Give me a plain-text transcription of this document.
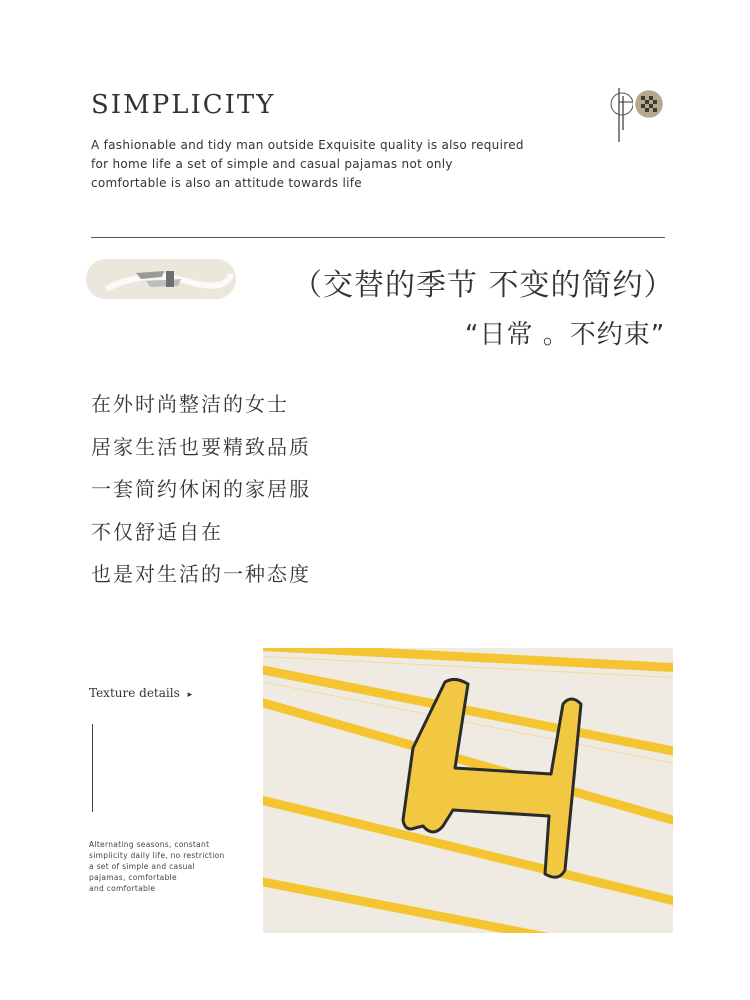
SIMPLICITY
A fashionable and tidy man outside Exquisite quality is also required
for home life a set of simple and casual pajamas not only
comfortable is also an attitude towards life
（交替的季节 不变的简约）
“日常 。不约束”
在外时尚整洁的女士
居家生活也要精致品质
一套简约休闲的家居服
不仅舒适自在
也是对生活的一种态度
Texture details ▸
Alternating seasons, constant
simplicity daily life, no restriction
a set of simple and casual
pajamas, comfortable
and comfortable
